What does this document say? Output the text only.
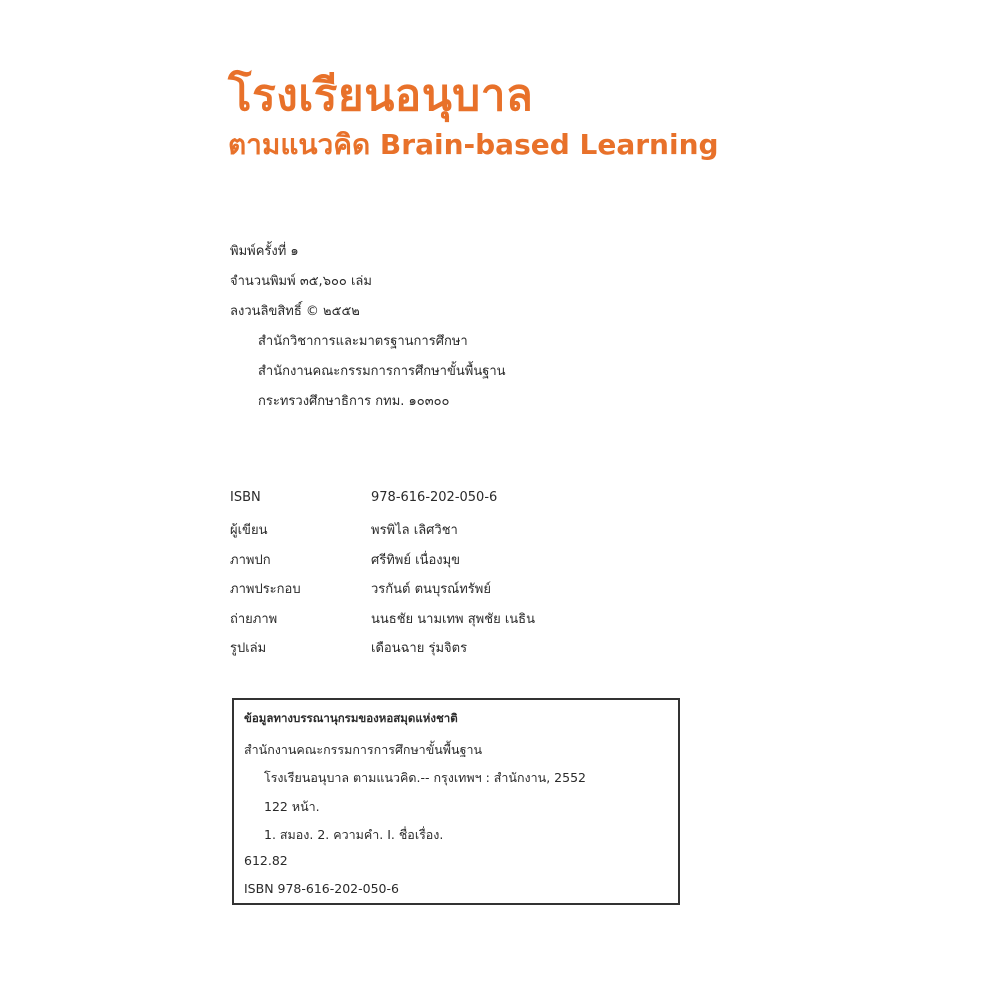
โรงเรียนอนุบาล
ตามแนวคิด Brain-based Learning
พิมพ์ครั้งที่ ๑
จำนวนพิมพ์ ๓๕,๖๐๐ เล่ม
ลงวนลิขสิทธิ์ © ๒๕๕๒
สำนักวิชาการและมาตรฐานการศึกษา
สำนักงานคณะกรรมการการศึกษาขั้นพื้นฐาน
กระทรวงศึกษาธิการ กทม. ๑๐๓๐๐
ISBN	978-616-202-050-6
ผู้เขียน	พรพิไล เลิศวิชา
ภาพปก	ศรีทิพย์ เนื่องมุข
ภาพประกอบ	วรกันต์ ตนบุรณ์ทรัพย์
ถ่ายภาพ	นนธชัย นามเทพ สุพชัย เนธิน
รูปเล่ม	เดือนฉาย รุ่มจิตร
ข้อมูลทางบรรณานุกรมของหอสมุดแห่งชาติ
สำนักงานคณะกรรมการการศึกษาขั้นพื้นฐาน
โรงเรียนอนุบาล ตามแนวคิด.-- กรุงเทพฯ : สำนักงาน, 2552
122 หน้า.
1. สมอง. 2. ความคำ. I. ชื่อเรื่อง.
612.82
ISBN 978-616-202-050-6
